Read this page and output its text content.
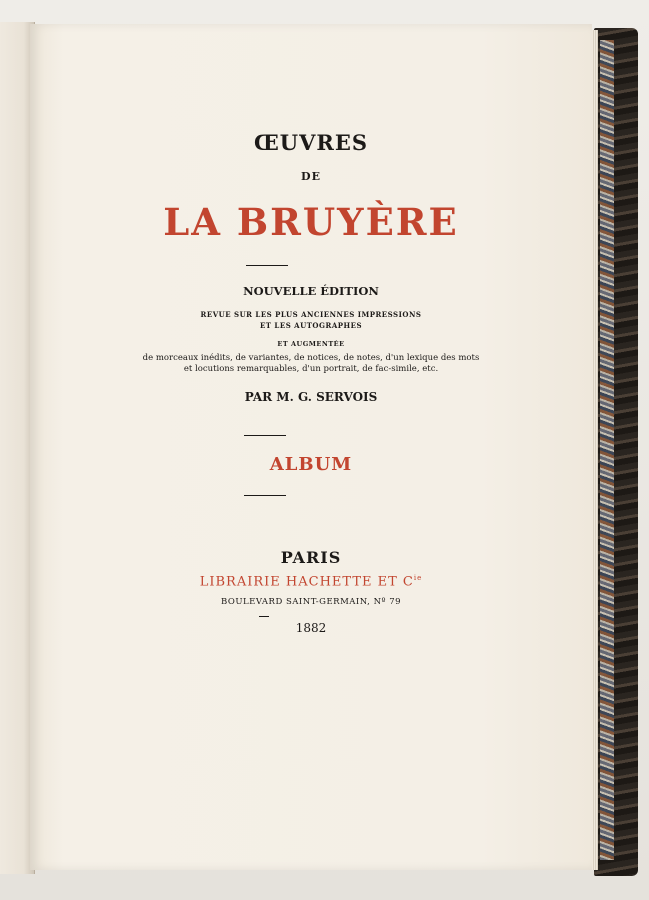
ŒUVRES
DE
LA BRUYÈRE
NOUVELLE ÉDITION
REVUE SUR LES PLUS ANCIENNES IMPRESSIONS
ET LES AUTOGRAPHES
ET AUGMENTÉE
de morceaux inédits, de variantes, de notices, de notes, d'un lexique des mots
et locutions remarquables, d'un portrait, de fac-simile, etc.
PAR M. G. SERVOIS
ALBUM
PARIS
LIBRAIRIE HACHETTE ET $C^{ie}$
BOULEVARD SAINT-GERMAIN, Nº 79
1882
